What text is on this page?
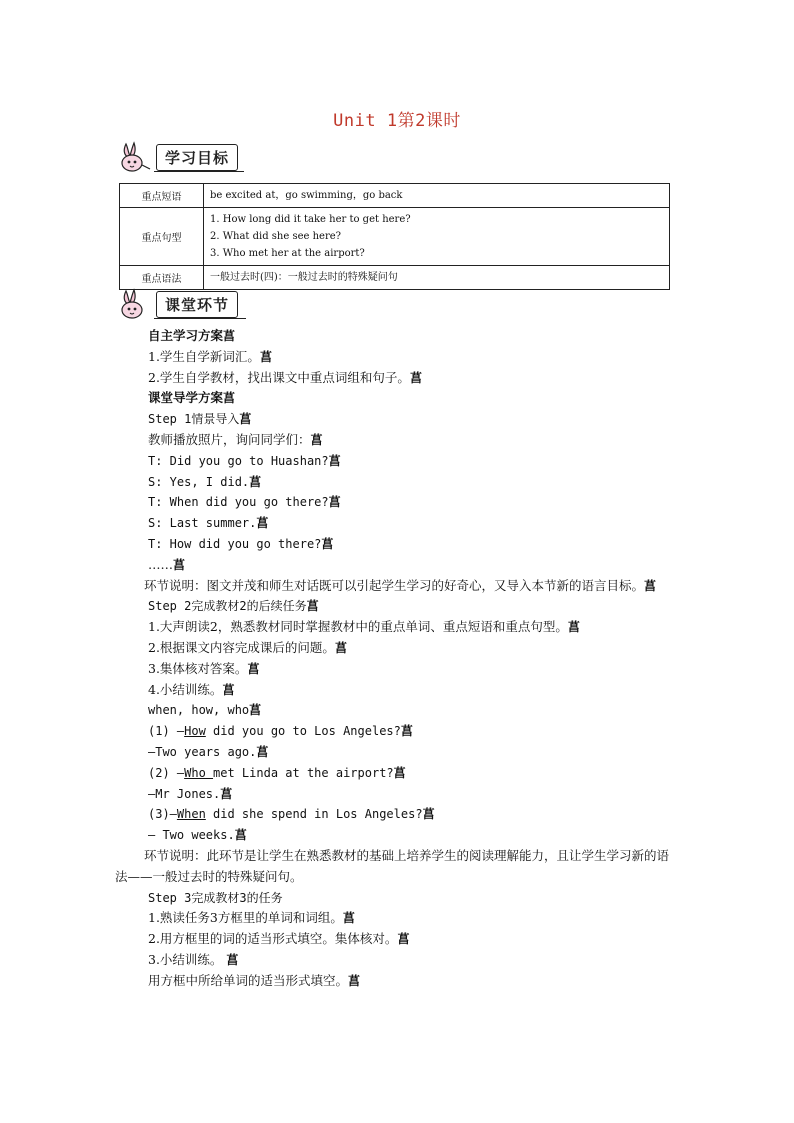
Unit 1第2课时
学习目标
重点短语	be excited at，go swimming，go back

重点句型	1. How long did it take her to get here?
2. What did she see here?
3. Who met her at the airport?

重点语法	一般过去时(四)：一般过去时的特殊疑问句
课堂环节
自主学习方案菖
1.学生自学新词汇。菖
2.学生自学教材，找出课文中重点词组和句子。菖
课堂导学方案菖
Step 1情景导入菖
教师播放照片，询问同学们：菖
T: Did you go to Huashan?菖
S: Yes, I did.菖
T: When did you go there?菖
S: Last summer.菖
T: How did you go there?菖
……菖
环节说明：图文并茂和师生对话既可以引起学生学习的好奇心，又导入本节新的语言目标。菖
Step 2完成教材2的后续任务菖
1.大声朗读2，熟悉教材同时掌握教材中的重点单词、重点短语和重点句型。菖
2.根据课文内容完成课后的问题。菖
3.集体核对答案。菖
4.小结训练。菖
when, how, who菖
(1) —How did you go to Los Angeles?菖
—Two years ago.菖
(2) —Who met Linda at the airport?菖
—Mr Jones.菖
(3)—When did she spend in Los Angeles?菖
— Two weeks.菖
环节说明：此环节是让学生在熟悉教材的基础上培养学生的阅读理解能力，且让学生学习新的语法——一般过去时的特殊疑问句。
Step 3完成教材3的任务
1.熟读任务3方框里的单词和词组。菖
2.用方框里的词的适当形式填空。集体核对。菖
3.小结训练。 菖
用方框中所给单词的适当形式填空。菖
